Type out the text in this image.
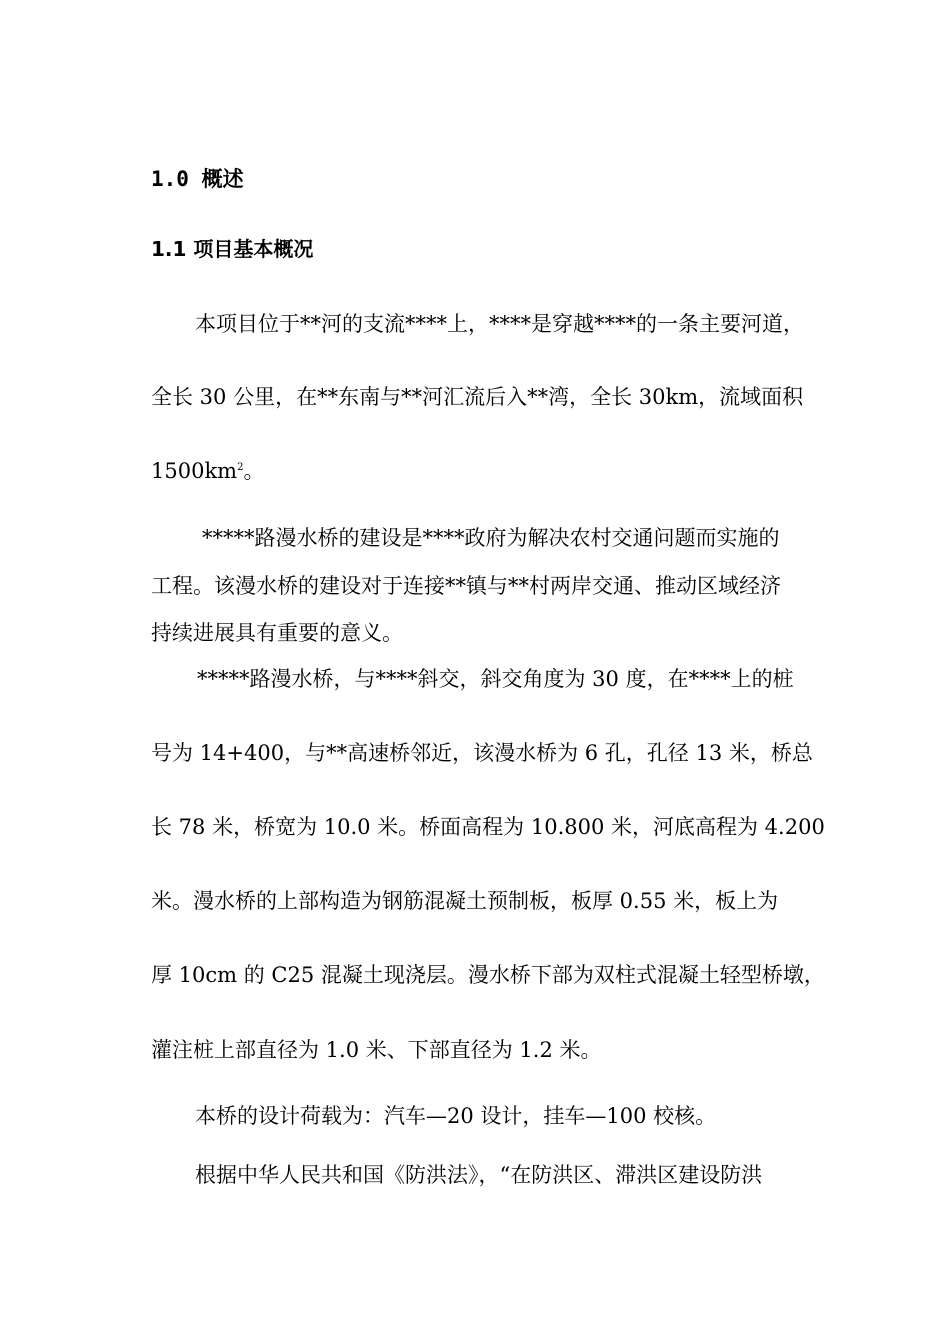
1.0 概述
1.1 项目基本概况
本项目位于**河的支流****上，****是穿越****的一条主要河道，
全长 30 公里，在**东南与**河汇流后入**湾，全长 30km，流域面积
$1500km^2$。
*****路漫水桥的建设是****政府为解决农村交通问题而实施的
工程。该漫水桥的建设对于连接**镇与**村两岸交通、推动区域经济
持续进展具有重要的意义。
*****路漫水桥，与****斜交，斜交角度为 30 度，在****上的桩
号为 14+400，与**高速桥邻近，该漫水桥为 6 孔，孔径 13 米，桥总
长 78 米，桥宽为 10.0 米。桥面高程为 10.800 米，河底高程为 4.200
米。漫水桥的上部构造为钢筋混凝土预制板，板厚 0.55 米，板上为
厚 10cm 的 C25 混凝土现浇层。漫水桥下部为双柱式混凝土轻型桥墩，
灌注桩上部直径为 1.0 米、下部直径为 1.2 米。
本桥的设计荷载为：汽车—20 设计，挂车—100 校核。
根据中华人民共和国《防洪法》，“在防洪区、滞洪区建设防洪
